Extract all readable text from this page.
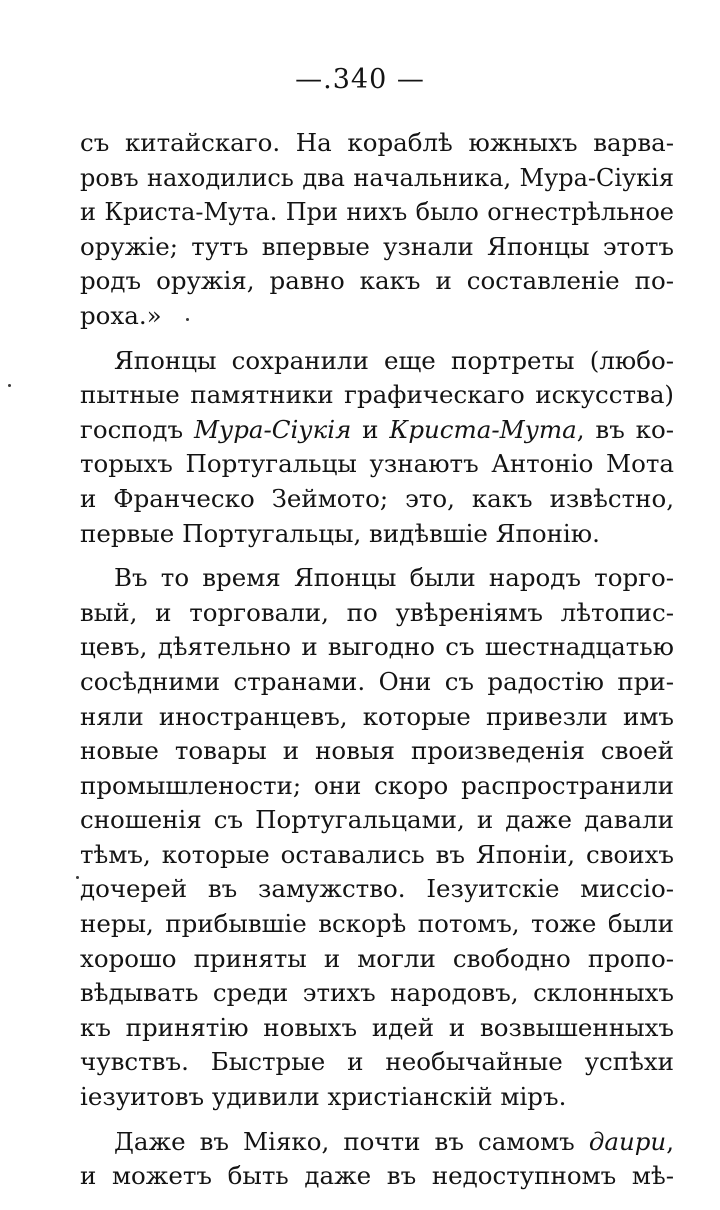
—.340 —
съ китайскаго. На кораблѣ южныхъ варва-
ровъ находились два начальника, Мура-Сіукія
и Криста-Мута. При нихъ было огнестрѣльное
оружіе; тутъ впервые узнали Японцы этотъ
родъ оружія, равно какъ и составленіе по-
роха.»
Японцы сохранили еще портреты (любо-
пытные памятники графическаго искусства)
господъ Мура-Сіукія и Криста-Мута, въ ко-
торыхъ Португальцы узнаютъ Антоніо Мота
и Франческо Зеймото; это, какъ извѣстно,
первые Португальцы, видѣвшіе Японію.
Въ то время Японцы были народъ торго-
вый, и торговали, по увѣреніямъ лѣтопис-
цевъ, дѣятельно и выгодно съ шестнадцатью
сосѣдними странами. Они съ радостію при-
няли иностранцевъ, которые привезли имъ
новые товары и новыя произведенія своей
промышлености; они скоро распространили
сношенія съ Португальцами, и даже давали
тѣмъ, которые оставались въ Японіи, своихъ
дочерей въ замужство. Іезуитскіе миссіо-
неры, прибывшіе вскорѣ потомъ, тоже были
хорошо приняты и могли свободно пропо-
вѣдывать среди этихъ народовъ, склонныхъ
къ принятію новыхъ идей и возвышенныхъ
чувствъ. Быстрые и необычайные успѣхи
іезуитовъ удивили христіанскій міръ.
Даже въ Міяко, почти въ самомъ даири,
и можетъ быть даже въ недоступномъ мѣ-
